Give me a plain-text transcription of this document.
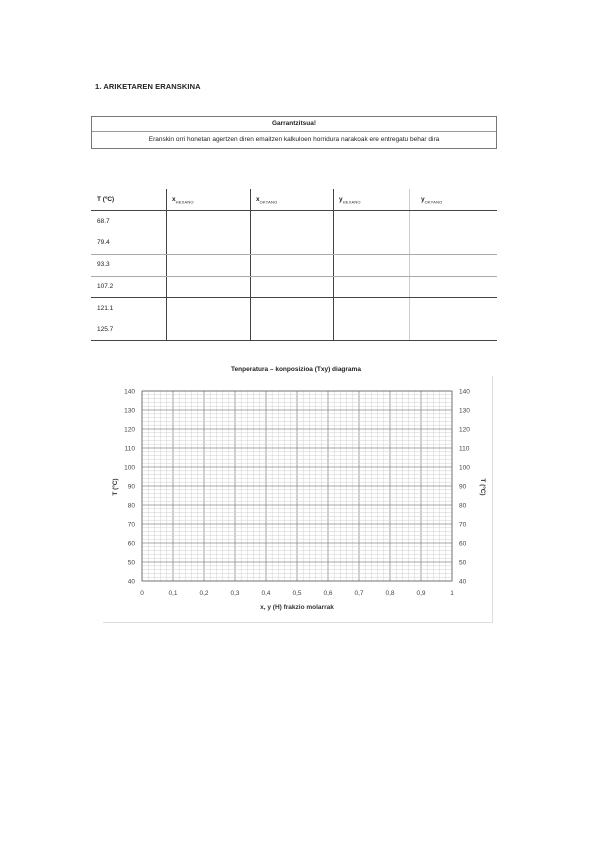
1. ARIKETAREN ERANSKINA
Garrantzitsua!
Eranskin orri honetan agertzen diren emaitzen kalkuloen horridura narakoak ere entregatu behar dira
T (ºC)	$x_{HEXANO}$	$x_{OKTANO}$	$y_{HEXANO}$	$y_{OKTANO}$
68.7
79.4
93.3
107.2
121.1
125.7
Tenperatura – konposizioa (Txy) diagrama
0	0,1	0,2	0,3	0,4	0,5	0,6	0,7	0,8	0,9	1
40	40
50	50
60	60
70	70
80	80
90	90
100	100
110	110
120	120
130	130
140	140
x, y (H) frakzio molarrak
T (ºC)	T (ºC)
